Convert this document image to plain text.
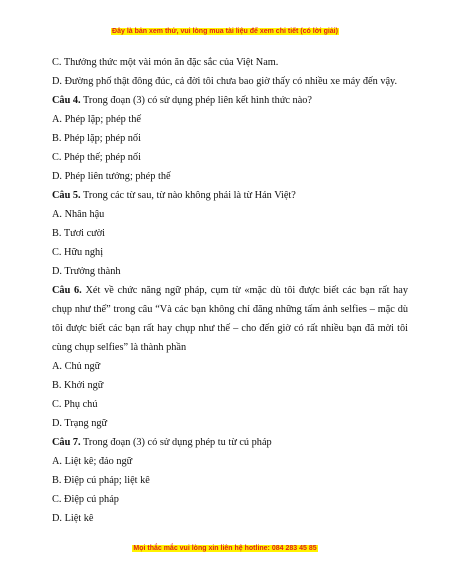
Đây là bản xem thử, vui lòng mua tài liệu để xem chi tiết (có lời giải)

C. Thưởng thức một vài món ăn đặc sắc của Việt Nam.

D. Đường phố thật đông đúc, cả đời tôi chưa bao giờ thấy có nhiều xe máy đến vậy.

Câu 4. Trong đoạn (3) có sử dụng phép liên kết hình thức nào?

A. Phép lặp; phép thế

B. Phép lặp; phép nối

C. Phép thế; phép nối

D. Phép liên tưởng; phép thế

Câu 5. Trong các từ sau, từ nào không phải là từ Hán Việt?

A. Nhân hậu

B. Tươi cười

C. Hữu nghị

D. Trưởng thành

Câu 6. Xét về chức năng ngữ pháp, cụm từ «mặc dù tôi được biết các bạn rất hay chụp như thế” trong câu “Và các bạn không chỉ đăng những tấm ảnh selfies – mặc dù tôi được biết các bạn rất hay chụp như thế – cho đến giờ có rất nhiều bạn đã mời tôi cùng chụp selfies” là thành phần

A. Chủ ngữ

B. Khởi ngữ

C. Phụ chú

D. Trạng ngữ

Câu 7. Trong đoạn (3) có sử dụng phép tu từ cú pháp

A. Liệt kê; đảo ngữ

B. Điệp cú pháp; liệt kê

C. Điệp cú pháp

D. Liệt kê

Mọi thắc mắc vui lòng xin liên hệ hotline: 084 283 45 85
